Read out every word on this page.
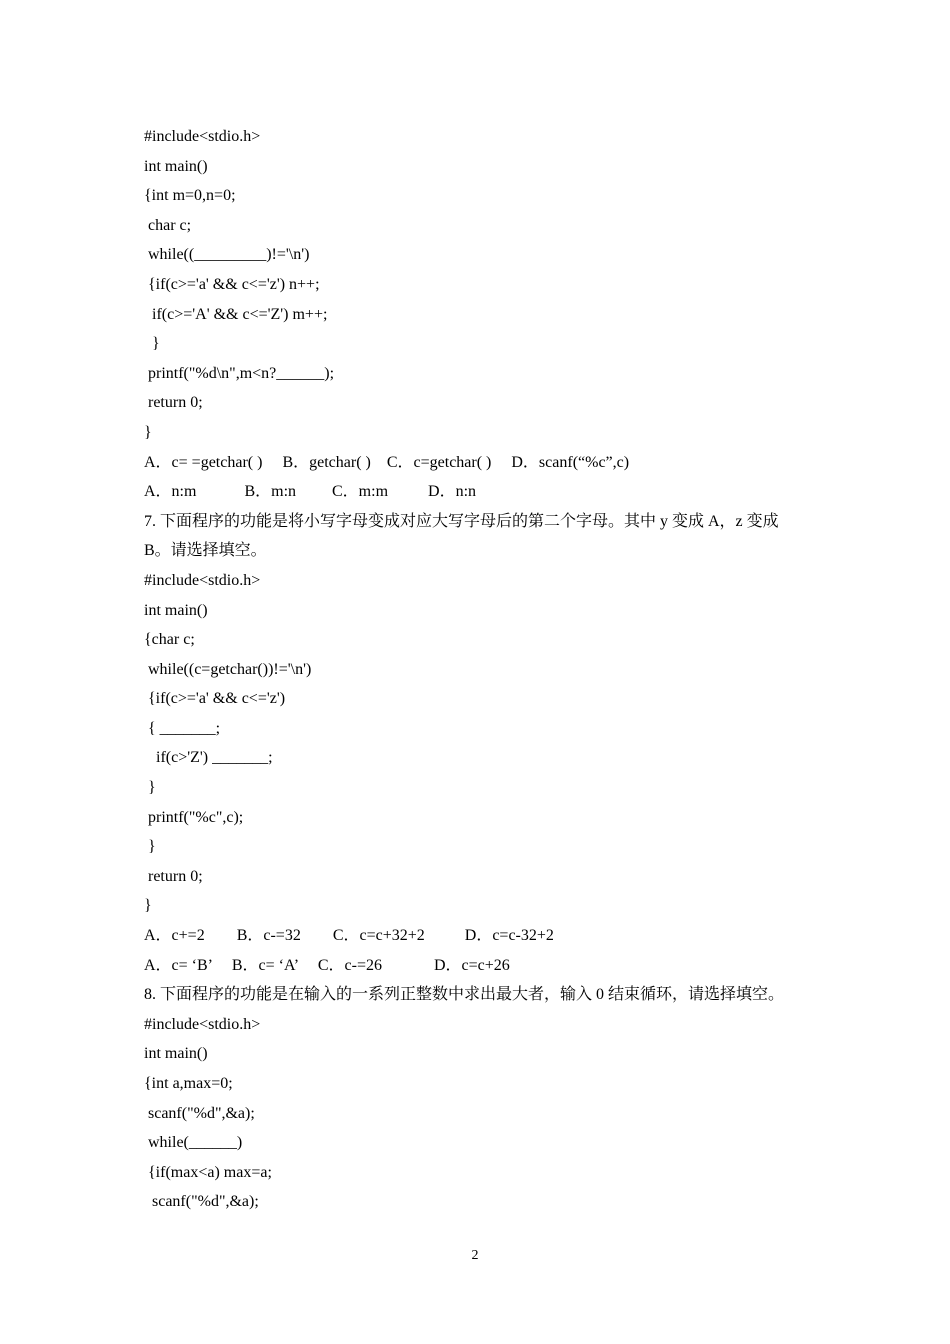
#include<stdio.h>
int main()
{int m=0,n=0;
char c;
while((_________)!='\n')
{if(c>='a' && c<='z') n++;
if(c>='A' && c<='Z') m++;
}
printf("%d\n",m<n?______);
return 0;
}
A．c= =getchar( )     B．getchar( )    C．c=getchar( )     D．scanf(“%c”,c)
A．n:m            B．m:n         C．m:m          D．n:n
7. 下面程序的功能是将小写字母变成对应大写字母后的第二个字母。其中 y 变成 A，z 变成
B。请选择填空。
#include<stdio.h>
int main()
{char c;
while((c=getchar())!='\n')
{if(c>='a' && c<='z')
{ _______;
if(c>'Z') _______;
}
printf("%c",c);
}
return 0;
}
A．c+=2        B．c-=32        C．c=c+32+2          D．c=c-32+2
A．c= ‘B’     B．c= ‘A’     C．c-=26             D．c=c+26
8. 下面程序的功能是在输入的一系列正整数中求出最大者，输入 0 结束循环，请选择填空。
#include<stdio.h>
int main()
{int a,max=0;
scanf("%d",&a);
while(______)
{if(max<a) max=a;
scanf("%d",&a);
2
